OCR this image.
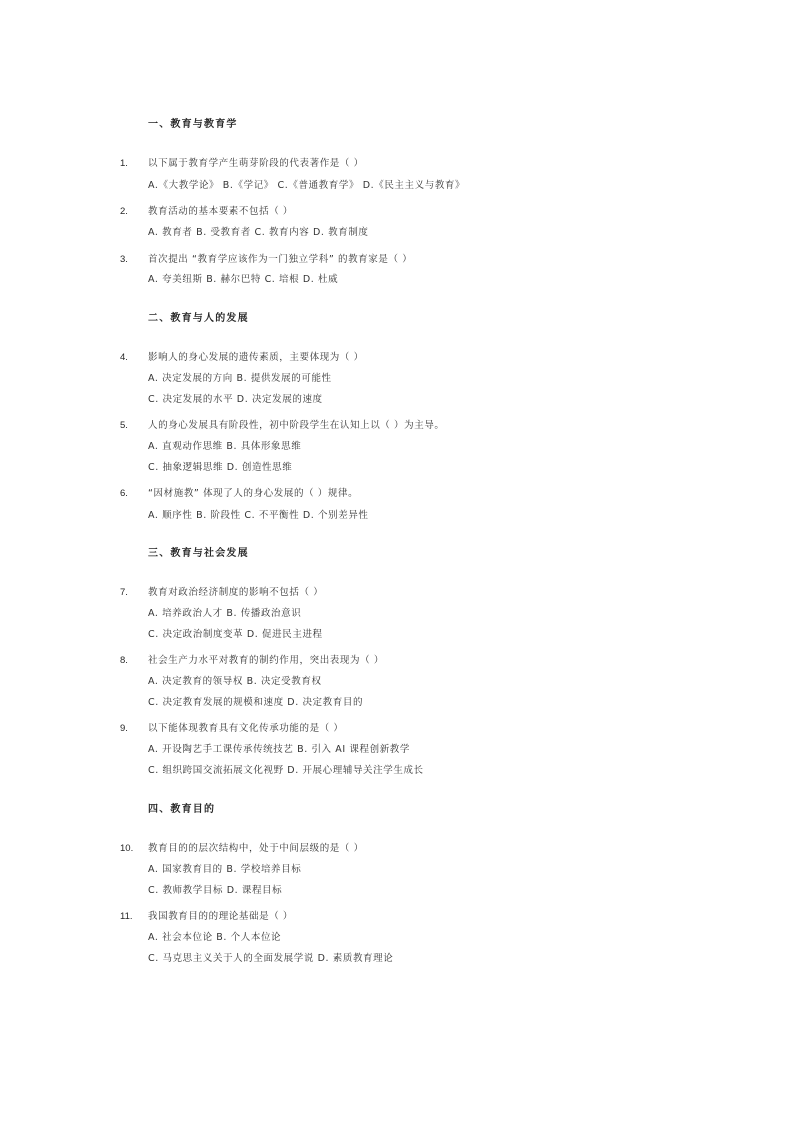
一、教育与教育学
1. 以下属于教育学产生萌芽阶段的代表著作是（ ）
A.《大教学论》 B.《学记》 C.《普通教育学》 D.《民主主义与教育》
2. 教育活动的基本要素不包括（ ）
A. 教育者 B. 受教育者 C. 教育内容 D. 教育制度
3. 首次提出 “教育学应该作为一门独立学科” 的教育家是（ ）
A. 夸美纽斯 B. 赫尔巴特 C. 培根 D. 杜威
二、教育与人的发展
4. 影响人的身心发展的遗传素质，主要体现为（ ）
A. 决定发展的方向 B. 提供发展的可能性
C. 决定发展的水平 D. 决定发展的速度
5. 人的身心发展具有阶段性，初中阶段学生在认知上以（ ）为主导。
A. 直观动作思维 B. 具体形象思维
C. 抽象逻辑思维 D. 创造性思维
6. “因材施教” 体现了人的身心发展的（ ）规律。
A. 顺序性 B. 阶段性 C. 不平衡性 D. 个别差异性
三、教育与社会发展
7. 教育对政治经济制度的影响不包括（ ）
A. 培养政治人才 B. 传播政治意识
C. 决定政治制度变革 D. 促进民主进程
8. 社会生产力水平对教育的制约作用，突出表现为（ ）
A. 决定教育的领导权 B. 决定受教育权
C. 决定教育发展的规模和速度 D. 决定教育目的
9. 以下能体现教育具有文化传承功能的是（ ）
A. 开设陶艺手工课传承传统技艺 B. 引入 AI 课程创新教学
C. 组织跨国交流拓展文化视野 D. 开展心理辅导关注学生成长
四、教育目的
10. 教育目的的层次结构中，处于中间层级的是（ ）
A. 国家教育目的 B. 学校培养目标
C. 教师教学目标 D. 课程目标
11. 我国教育目的的理论基础是（ ）
A. 社会本位论 B. 个人本位论
C. 马克思主义关于人的全面发展学说 D. 素质教育理论
